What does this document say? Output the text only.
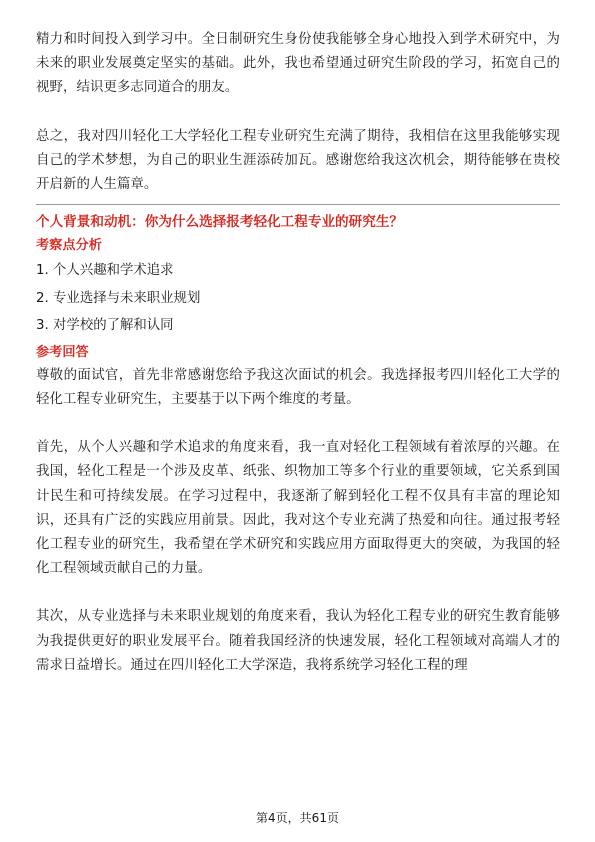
精力和时间投入到学习中。全日制研究生身份使我能够全身心地投入到学术研究中，为未来的职业发展奠定坚实的基础。此外，我也希望通过研究生阶段的学习，拓宽自己的视野，结识更多志同道合的朋友。

总之，我对四川轻化工大学轻化工程专业研究生充满了期待，我相信在这里我能够实现自己的学术梦想，为自己的职业生涯添砖加瓦。感谢您给我这次机会，期待能够在贵校开启新的人生篇章。

个人背景和动机：你为什么选择报考轻化工程专业的研究生？
考察点分析
1. 个人兴趣和学术追求
2. 专业选择与未来职业规划
3. 对学校的了解和认同
参考回答

尊敬的面试官，首先非常感谢您给予我这次面试的机会。我选择报考四川轻化工大学的轻化工程专业研究生，主要基于以下两个维度的考量。

首先，从个人兴趣和学术追求的角度来看，我一直对轻化工程领域有着浓厚的兴趣。在我国，轻化工程是一个涉及皮革、纸张、织物加工等多个行业的重要领域，它关系到国计民生和可持续发展。在学习过程中，我逐渐了解到轻化工程不仅具有丰富的理论知识，还具有广泛的实践应用前景。因此，我对这个专业充满了热爱和向往。通过报考轻化工程专业的研究生，我希望在学术研究和实践应用方面取得更大的突破，为我国的轻化工程领域贡献自己的力量。

其次，从专业选择与未来职业规划的角度来看，我认为轻化工程专业的研究生教育能够为我提供更好的职业发展平台。随着我国经济的快速发展，轻化工程领域对高端人才的需求日益增长。通过在四川轻化工大学深造，我将系统学习轻化工程的理

第4页，共61页
